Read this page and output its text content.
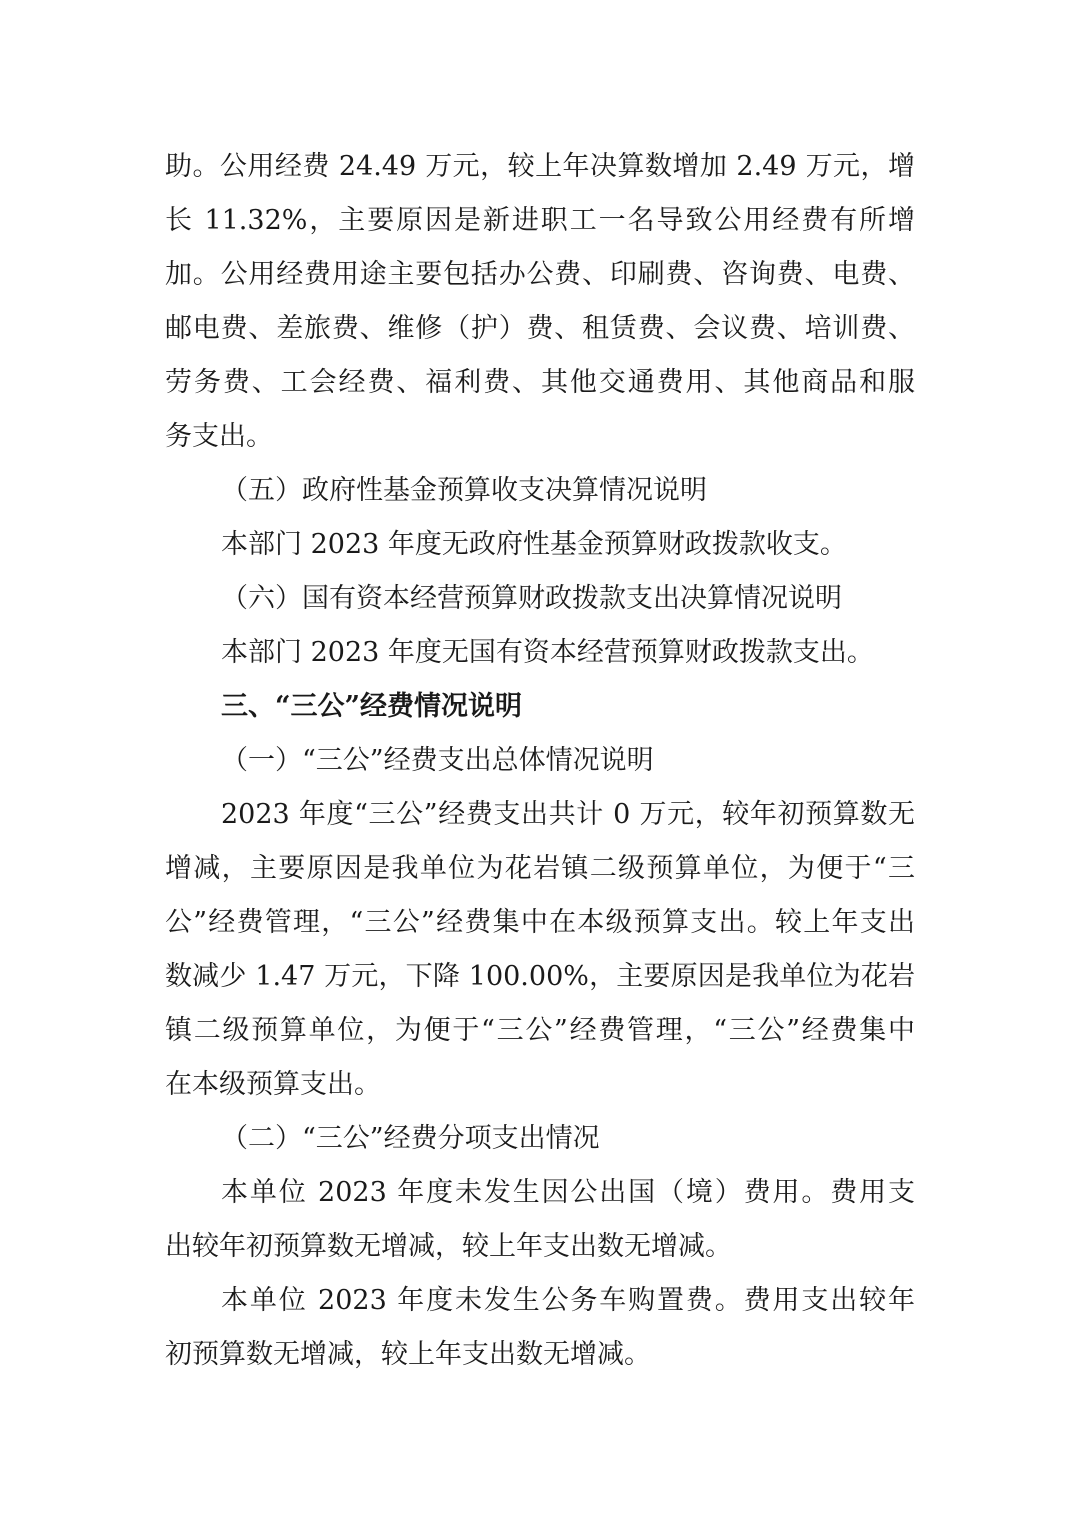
助。公用经费 24.49 万元，较上年决算数增加 2.49 万元，增
长 11.32%，主要原因是新进职工一名导致公用经费有所增
加。公用经费用途主要包括办公费、印刷费、咨询费、电费、
邮电费、差旅费、维修（护）费、租赁费、会议费、培训费、
劳务费、工会经费、福利费、其他交通费用、其他商品和服
务支出。
（五）政府性基金预算收支决算情况说明
本部门 2023 年度无政府性基金预算财政拨款收支。
（六）国有资本经营预算财政拨款支出决算情况说明
本部门 2023 年度无国有资本经营预算财政拨款支出。
三、“三公”经费情况说明
（一）“三公”经费支出总体情况说明
2023 年度“三公”经费支出共计 0 万元，较年初预算数无
增减，主要原因是我单位为花岩镇二级预算单位，为便于“三
公”经费管理，“三公”经费集中在本级预算支出。较上年支出
数减少 1.47 万元，下降 100.00%，主要原因是我单位为花岩
镇二级预算单位，为便于“三公”经费管理，“三公”经费集中
在本级预算支出。
（二）“三公”经费分项支出情况
本单位 2023 年度未发生因公出国（境）费用。费用支
出较年初预算数无增减，较上年支出数无增减。
本单位 2023 年度未发生公务车购置费。费用支出较年
初预算数无增减，较上年支出数无增减。
